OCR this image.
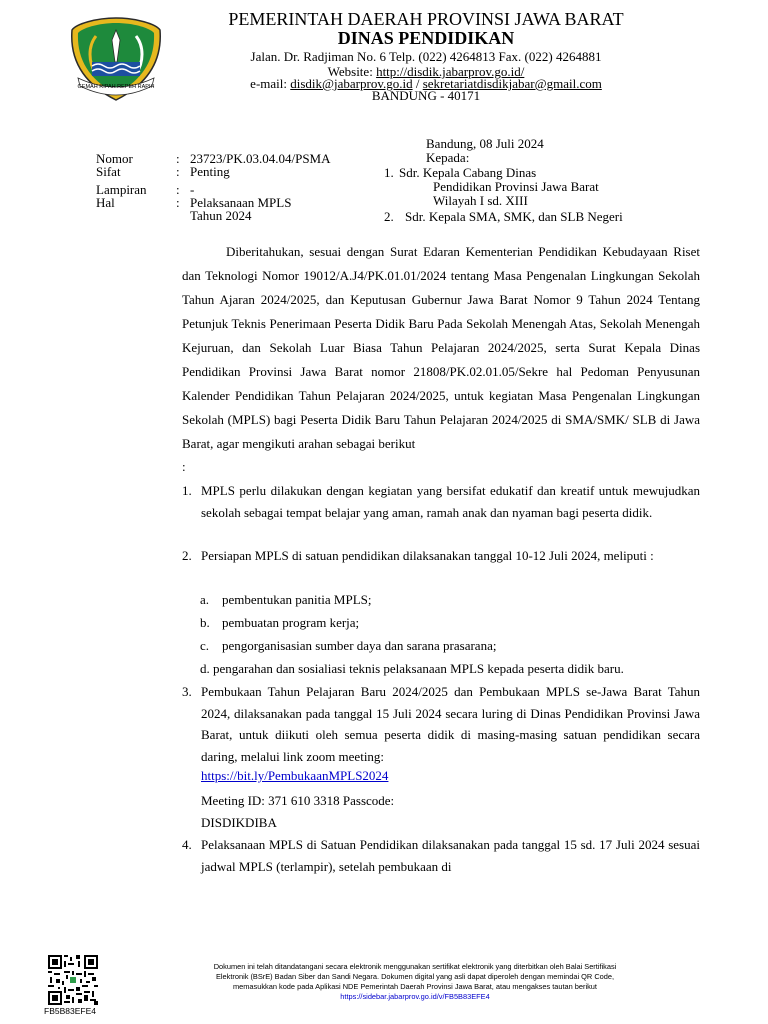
GEMAH RIPAH REPEH RAPIH
PEMERINTAH DAERAH PROVINSI JAWA BARAT
DINAS PENDIDIKAN
Jalan. Dr. Radjiman No. 6 Telp. (022) 4264813 Fax. (022) 4264881
Website: http://disdik.jabarprov.go.id/
e-mail: disdik@jabarprov.go.id / sekretariatdisdikjabar@gmail.com
BANDUNG - 40171
Nomor	: 23723/PK.03.04.04/PSMA
Sifat	: Penting
Lampiran : -
Hal	: Pelaksanaan MPLS
Tahun 2024
Bandung, 08 Juli 2024
Kepada:
1. Sdr. Kepala Cabang Dinas
Pendidikan Provinsi Jawa Barat
Wilayah I sd. XIII
2. Sdr. Kepala SMA, SMK, dan SLB Negeri
Diberitahukan, sesuai dengan Surat Edaran Kementerian Pendidikan Kebudayaan Riset dan Teknologi Nomor 19012/A.J4/PK.01.01/2024 tentang Masa Pengenalan Lingkungan Sekolah Tahun Ajaran 2024/2025, dan Keputusan Gubernur Jawa Barat Nomor 9 Tahun 2024 Tentang Petunjuk Teknis Penerimaan Peserta Didik Baru Pada Sekolah Menengah Atas, Sekolah Menengah Kejuruan, dan Sekolah Luar Biasa Tahun Pelajaran 2024/2025, serta Surat Kepala Dinas Pendidikan Provinsi Jawa Barat nomor 21808/PK.02.01.05/Sekre hal Pedoman Penyusunan Kalender Pendidikan Tahun Pelajaran 2024/2025, untuk kegiatan Masa Pengenalan Lingkungan Sekolah (MPLS) bagi Peserta Didik Baru Tahun Pelajaran 2024/2025 di SMA/SMK/ SLB di Jawa Barat, agar mengikuti arahan sebagai berikut
:
1. MPLS perlu dilakukan dengan kegiatan yang bersifat edukatif dan kreatif untuk mewujudkan sekolah sebagai tempat belajar yang aman, ramah anak dan nyaman bagi peserta didik.
2. Persiapan MPLS di satuan pendidikan dilaksanakan tanggal 10-12 Juli 2024, meliputi :
a. pembentukan panitia MPLS;
b. pembuatan program kerja;
c. pengorganisasian sumber daya dan sarana prasarana;
d. pengarahan dan sosialiasi teknis pelaksanaan MPLS kepada peserta didik baru.
3. Pembukaan Tahun Pelajaran Baru 2024/2025 dan Pembukaan MPLS se-Jawa Barat Tahun 2024, dilaksanakan pada tanggal 15 Juli 2024 secara luring di Dinas Pendidikan Provinsi Jawa Barat, untuk diikuti oleh semua peserta didik di masing-masing satuan pendidikan secara daring, melalui link zoom meeting:
https://bit.ly/PembukaanMPLS2024
Meeting ID: 371 610 3318 Passcode:
DISDIKDIBA
4. Pelaksanaan MPLS di Satuan Pendidikan dilaksanakan pada tanggal 15 sd. 17 Juli 2024 sesuai jadwal MPLS (terlampir), setelah pembukaan di
FB5B83EFE4
Dokumen ini telah ditandatangani secara elektronik menggunakan sertifikat elektronik yang diterbitkan oleh Balai Sertifikasi
Elektronik (BSrE) Badan Siber dan Sandi Negara. Dokumen digital yang asli dapat diperoleh dengan memindai QR Code,
memasukkan kode pada Aplikasi NDE Pemerintah Daerah Provinsi Jawa Barat, atau mengakses tautan berikut
https://sidebar.jabarprov.go.id/v/FB5B83EFE4
